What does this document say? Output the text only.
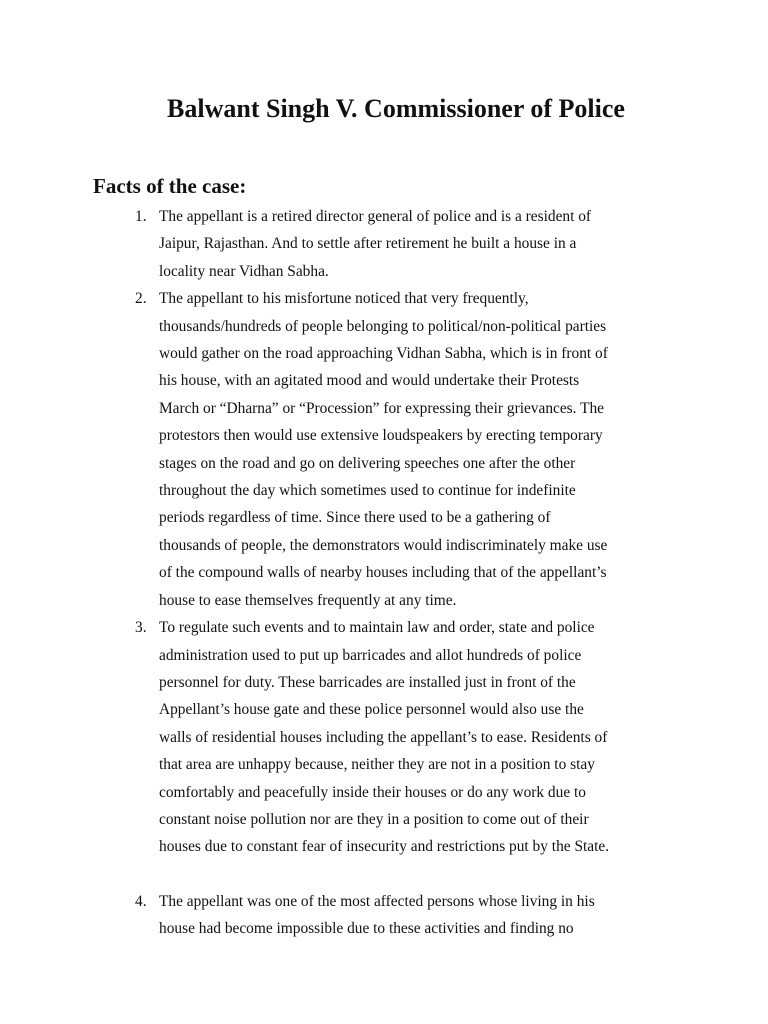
Balwant Singh V. Commissioner of Police
Facts of the case:
1. The appellant is a retired director general of police and is a resident of
Jaipur, Rajasthan. And to settle after retirement he built a house in a
locality near Vidhan Sabha.
2. The appellant to his misfortune noticed that very frequently,
thousands/hundreds of people belonging to political/non-political parties
would gather on the road approaching Vidhan Sabha, which is in front of
his house, with an agitated mood and would undertake their Protests
March or “Dharna” or “Procession” for expressing their grievances. The
protestors then would use extensive loudspeakers by erecting temporary
stages on the road and go on delivering speeches one after the other
throughout the day which sometimes used to continue for indefinite
periods regardless of time. Since there used to be a gathering of
thousands of people, the demonstrators would indiscriminately make use
of the compound walls of nearby houses including that of the appellant’s
house to ease themselves frequently at any time.
3. To regulate such events and to maintain law and order, state and police
administration used to put up barricades and allot hundreds of police
personnel for duty. These barricades are installed just in front of the
Appellant’s house gate and these police personnel would also use the
walls of residential houses including the appellant’s to ease. Residents of
that area are unhappy because, neither they are not in a position to stay
comfortably and peacefully inside their houses or do any work due to
constant noise pollution nor are they in a position to come out of their
houses due to constant fear of insecurity and restrictions put by the State.
4. The appellant was one of the most affected persons whose living in his
house had become impossible due to these activities and finding no
